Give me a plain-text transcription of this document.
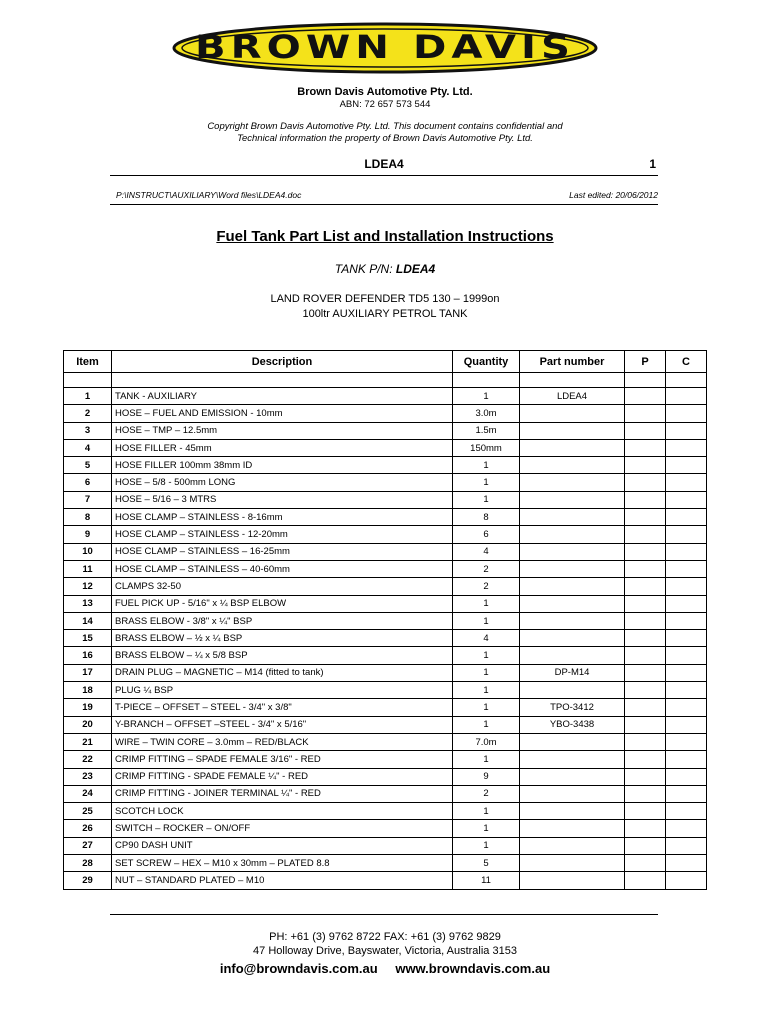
BROWN DAVIS
Brown Davis Automotive Pty. Ltd.
ABN: 72 657 573 544
Copyright Brown Davis Automotive Pty. Ltd. This document contains confidential and
Technical information the property of Brown Davis Automotive Pty. Ltd.
LDEA4	1
P:\INSTRUCT\AUXILIARY\Word files\LDEA4.doc	Last edited: 20/06/2012
Fuel Tank Part List and Installation Instructions
TANK P/N: LDEA4
LAND ROVER DEFENDER TD5 130 – 1999on
100ltr AUXILIARY PETROL TANK
Item	Description	Quantity	Part number	P	C

1	TANK - AUXILIARY	1	LDEA4		
2	HOSE – FUEL AND EMISSION - 10mm	3.0m			
3	HOSE – TMP – 12.5mm	1.5m			
4	HOSE FILLER - 45mm	150mm			
5	HOSE FILLER 100mm 38mm ID	1			
6	HOSE – 5/8 - 500mm LONG	1			
7	HOSE – 5/16 – 3 MTRS	1			
8	HOSE CLAMP – STAINLESS - 8-16mm	8			
9	HOSE CLAMP – STAINLESS - 12-20mm	6			
10	HOSE CLAMP – STAINLESS – 16-25mm	4			
11	HOSE CLAMP – STAINLESS – 40-60mm	2			
12	CLAMPS 32-50	2			
13	FUEL PICK UP - 5/16" x ¼ BSP ELBOW	1			
14	BRASS ELBOW - 3/8" x ¼" BSP	1			
15	BRASS ELBOW – ½ x ¼ BSP	4			
16	BRASS ELBOW – ¼ x 5/8 BSP	1			
17	DRAIN PLUG – MAGNETIC – M14 (fitted to tank)	1	DP-M14		
18	PLUG ¼ BSP	1			
19	T-PIECE – OFFSET – STEEL - 3/4" x 3/8"	1	TPO-3412		
20	Y-BRANCH – OFFSET –STEEL - 3/4" x 5/16"	1	YBO-3438		
21	WIRE – TWIN CORE – 3.0mm – RED/BLACK	7.0m			
22	CRIMP FITTING – SPADE FEMALE 3/16" - RED	1			
23	CRIMP FITTING - SPADE FEMALE ¼" - RED	9			
24	CRIMP FITTING - JOINER TERMINAL ¼" - RED	2			
25	SCOTCH LOCK	1			
26	SWITCH – ROCKER – ON/OFF	1			
27	CP90 DASH UNIT	1			
28	SET SCREW – HEX – M10 x 30mm – PLATED 8.8	5			
29	NUT – STANDARD PLATED – M10	11			
PH: +61 (3) 9762 8722 FAX: +61 (3) 9762 9829
47 Holloway Drive, Bayswater, Victoria, Australia 3153
info@browndavis.com.au www.browndavis.com.au
